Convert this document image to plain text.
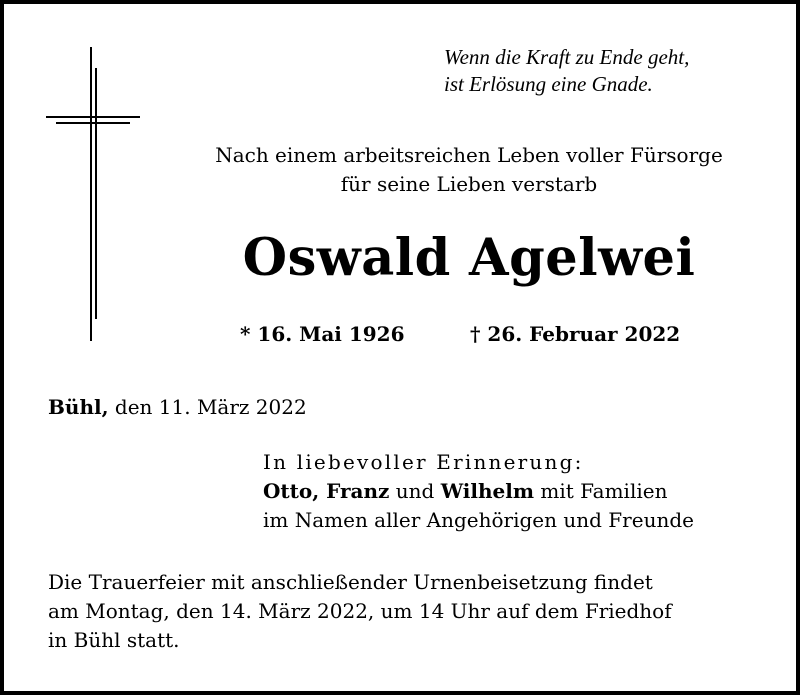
Wenn die Kraft zu Ende geht,
ist Erlösung eine Gnade.
Nach einem arbeitsreichen Leben voller Fürsorge
für seine Lieben verstarb
Oswald Agelwei
* 16. Mai 1926	† 26. Februar 2022
Bühl, den 11. März 2022
In liebevoller Erinnerung:
Otto, Franz und Wilhelm mit Familien
im Namen aller Angehörigen und Freunde
Die Trauerfeier mit anschließender Urnenbeisetzung findet
am Montag, den 14. März 2022, um 14 Uhr auf dem Friedhof
in Bühl statt.
